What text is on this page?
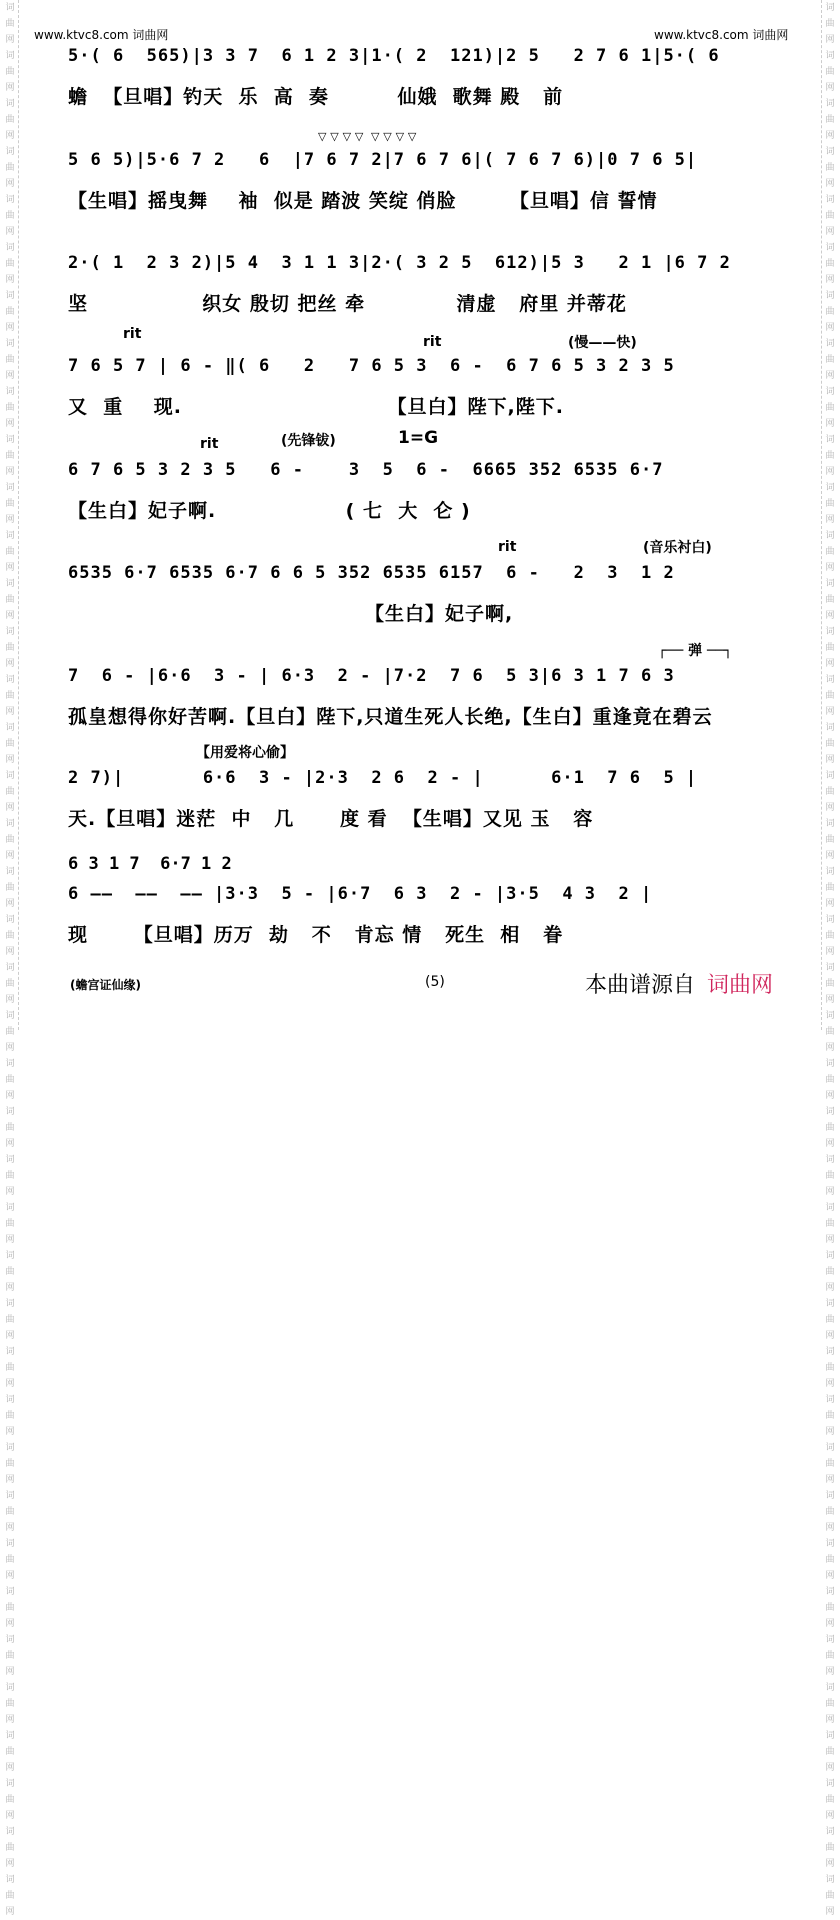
词曲网 词曲网 词曲网 词曲网 词曲网 词曲网 词曲网 词曲网 词曲网 词曲网 词曲网 词曲网 词曲网 词曲网 词曲网 词曲网 词曲网 词曲网 词曲网 词曲网 词曲网 词曲网 词曲网 词曲网 词曲网 词曲网 词曲网 词曲网 词曲网 词曲网 词曲网 词曲网 词曲网 词曲网 词曲网 词曲网 词曲网 词曲网 词曲网 词曲网
词曲网 词曲网 词曲网 词曲网 词曲网 词曲网 词曲网 词曲网 词曲网 词曲网 词曲网 词曲网 词曲网 词曲网 词曲网 词曲网 词曲网 词曲网 词曲网 词曲网 词曲网 词曲网 词曲网 词曲网 词曲网 词曲网 词曲网 词曲网 词曲网 词曲网 词曲网 词曲网 词曲网 词曲网 词曲网 词曲网 词曲网 词曲网 词曲网 词曲网
www.ktvc8.com 词曲网	www.ktvc8.com 词曲网
5·( 6  565)|3 3 7  6 1 2 3|1·( 2  121)|2 5   2 7 6 1|5·( 6
蟾  【旦唱】钓天  乐  高  奏         仙娥  歌舞 殿   前
▽ ▽ ▽ ▽  ▽ ▽ ▽ ▽
5 6 5)|5·6 7 2   6  |7 6 7 2|7 6 7 6|( 7 6 7 6)|0 7 6 5|
【生唱】摇曳舞    袖  似是 踏波 笑绽 俏脸       【旦唱】信 誓情
2·( 1  2 3 2)|5 4  3 1 1 3|2·( 3 2 5  612)|5 3   2 1 |6 7 2
坚               织女 殷切 把丝 牵            清虚   府里 并蒂花
rit	rit	(慢——快)
7 6 5 7 | 6 - ‖( 6   2   7 6 5 3  6 -  6 7 6 5 3 2 3 5
又  重    现.                           【旦白】陛下,陛下.
rit	(先锋钹)	1=G
6 7 6 5 3 2 3 5   6 -    3  5  6 -  6665 352 6535 6·7
【生白】妃子啊.                 ( 七  大  仑 )
rit	(音乐衬白)
6535 6·7 6535 6·7 6 6 5 352 6535 6157  6 -   2  3  1 2
【生白】妃子啊,
┌── 弹 ──┐
7  6 - |6·6  3 - | 6·3  2 - |7·2  7 6  5 3|6 3 1 7 6 3
孤皇想得你好苦啊.【旦白】陛下,只道生死人长绝,【生白】重逢竟在碧云
【用爱将心偷】
2 7)|       6·6  3 - |2·3  2 6  2 - |      6·1  7 6  5 |
天.【旦唱】迷茫  中   几      度 看  【生唱】又见 玉   容
6 3 1 7  6·7 1 2
6 ——  ——  —— |3·3  5 - |6·7  6 3  2 - |3·5  4 3  2 |
现      【旦唱】历万  劫   不   肯忘 情   死生  相   眷
(蟾宫证仙缘)	(5)	本曲谱源自 词曲网
